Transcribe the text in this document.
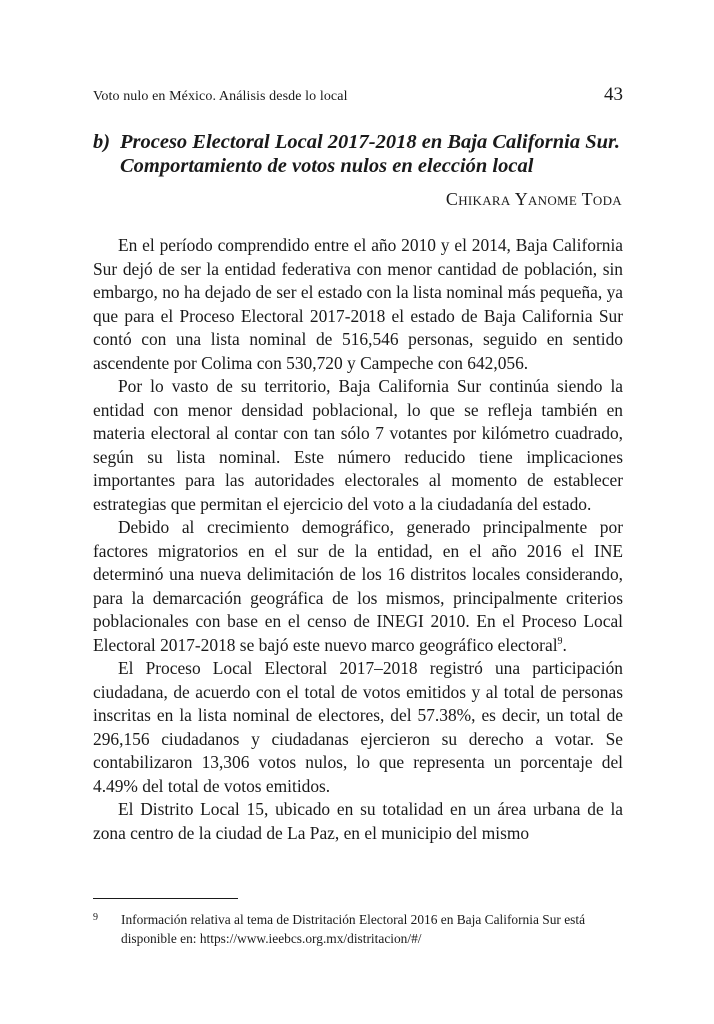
Voto nulo en México. Análisis desde lo local	43
b) Proceso Electoral Local 2017-2018 en Baja California Sur. Comportamiento de votos nulos en elección local
Chikara Yanome Toda

En el período comprendido entre el año 2010 y el 2014, Baja California Sur dejó de ser la entidad federativa con menor cantidad de población, sin embargo, no ha dejado de ser el estado con la lista nominal más pequeña, ya que para el Proceso Electoral 2017-2018 el estado de Baja California Sur contó con una lista nominal de 516,546 personas, seguido en sentido ascendente por Colima con 530,720 y Campeche con 642,056.

Por lo vasto de su territorio, Baja California Sur continúa siendo la entidad con menor densidad poblacional, lo que se refleja también en materia electoral al contar con tan sólo 7 votantes por kilómetro cuadrado, según su lista nominal. Este número reducido tiene implicaciones importantes para las autoridades electorales al momento de establecer estrategias que permitan el ejercicio del voto a la ciudadanía del estado.

Debido al crecimiento demográfico, generado principalmente por factores migratorios en el sur de la entidad, en el año 2016 el INE determinó una nueva delimitación de los 16 distritos locales considerando, para la demarcación geográfica de los mismos, principalmente criterios poblacionales con base en el censo de INEGI 2010. En el Proceso Local Electoral 2017-2018 se bajó este nuevo marco geográfico electoral$^9$.

El Proceso Local Electoral 2017–2018 registró una participación ciudadana, de acuerdo con el total de votos emitidos y al total de personas inscritas en la lista nominal de electores, del 57.38%, es decir, un total de 296,156 ciudadanos y ciudadanas ejercieron su derecho a votar. Se contabilizaron 13,306 votos nulos, lo que representa un porcentaje del 4.49% del total de votos emitidos.

El Distrito Local 15, ubicado en su totalidad en un área urbana de la zona centro de la ciudad de La Paz, en el municipio del mismo

9	Información relativa al tema de Distritación Electoral 2016 en Baja California Sur está disponible en: https://www.ieebcs.org.mx/distritacion/#/
